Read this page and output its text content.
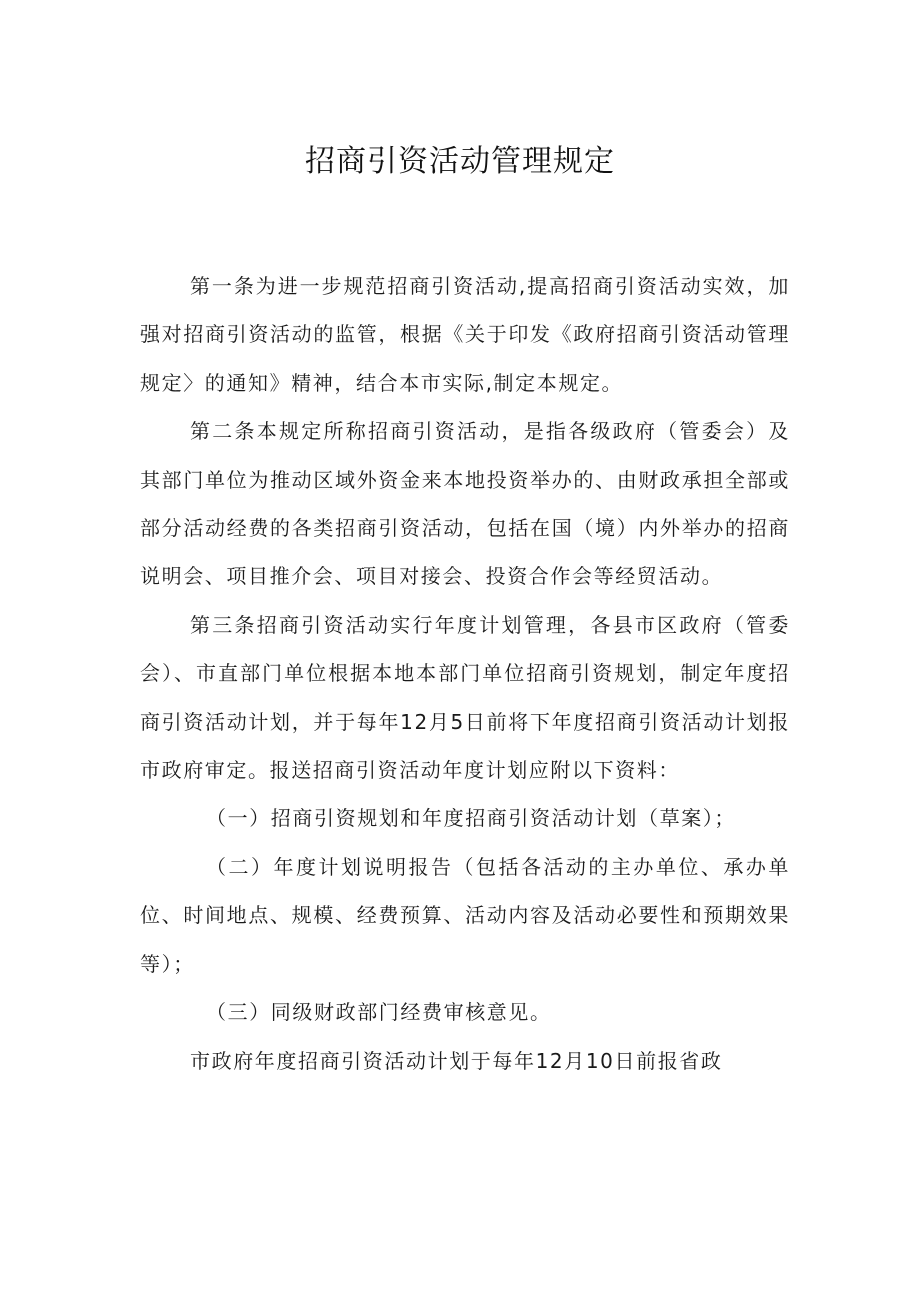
招商引资活动管理规定

第一条为进一步规范招商引资活动,提高招商引资活动实效，加强对招商引资活动的监管，根据《关于印发《政府招商引资活动管理规定〉的通知》精神，结合本市实际,制定本规定。

第二条本规定所称招商引资活动，是指各级政府（管委会）及其部门单位为推动区域外资金来本地投资举办的、由财政承担全部或部分活动经费的各类招商引资活动，包括在国（境）内外举办的招商说明会、项目推介会、项目对接会、投资合作会等经贸活动。

第三条招商引资活动实行年度计划管理，各县市区政府（管委会）、市直部门单位根据本地本部门单位招商引资规划，制定年度招商引资活动计划，并于每年12月5日前将下年度招商引资活动计划报市政府审定。报送招商引资活动年度计划应附以下资料：

（一）招商引资规划和年度招商引资活动计划（草案）；

（二）年度计划说明报告（包括各活动的主办单位、承办单位、时间地点、规模、经费预算、活动内容及活动必要性和预期效果等）；

（三）同级财政部门经费审核意见。

市政府年度招商引资活动计划于每年12月10日前报省政
